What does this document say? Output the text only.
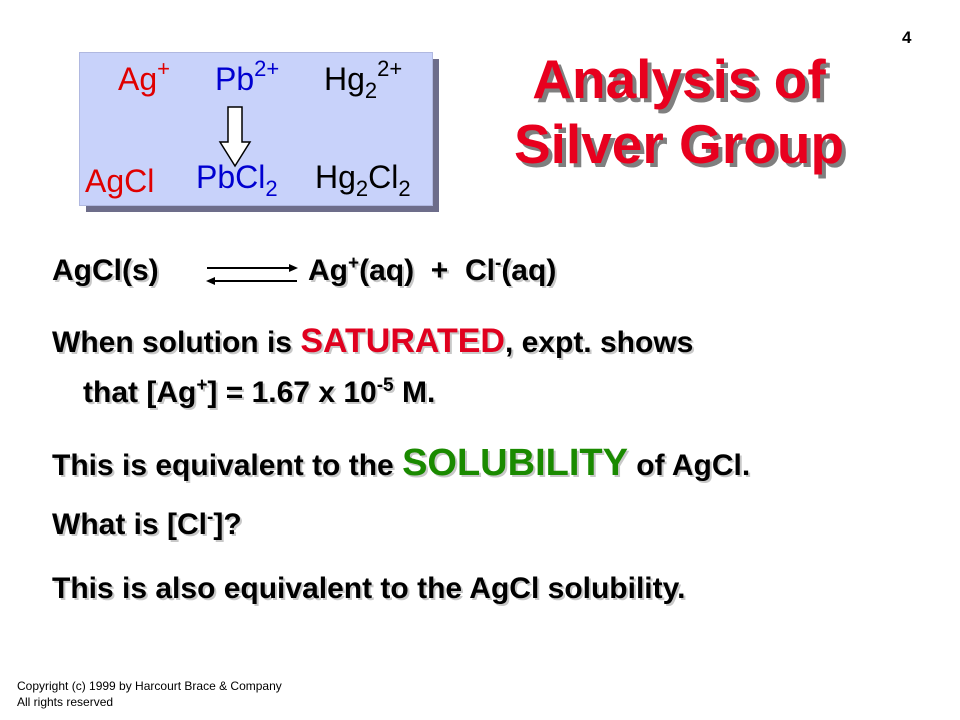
4
Ag+ $Pb^{2+}$ $Hg_2^{2+}$
AgCl PbCl$_2$ $Hg_2Cl_2$
Analysis of
Silver Group
AgCl(s)	Ag+(aq) + Cl-(aq)
When solution is SATURATED, expt. shows
that [Ag+] = 1.67 x $10^{-5}$ M.
This is equivalent to the SOLUBILITY of AgCl.
What is [Cl-]?
This is also equivalent to the AgCl solubility.
Copyright (c) 1999 by Harcourt Brace & Company
All rights reserved
